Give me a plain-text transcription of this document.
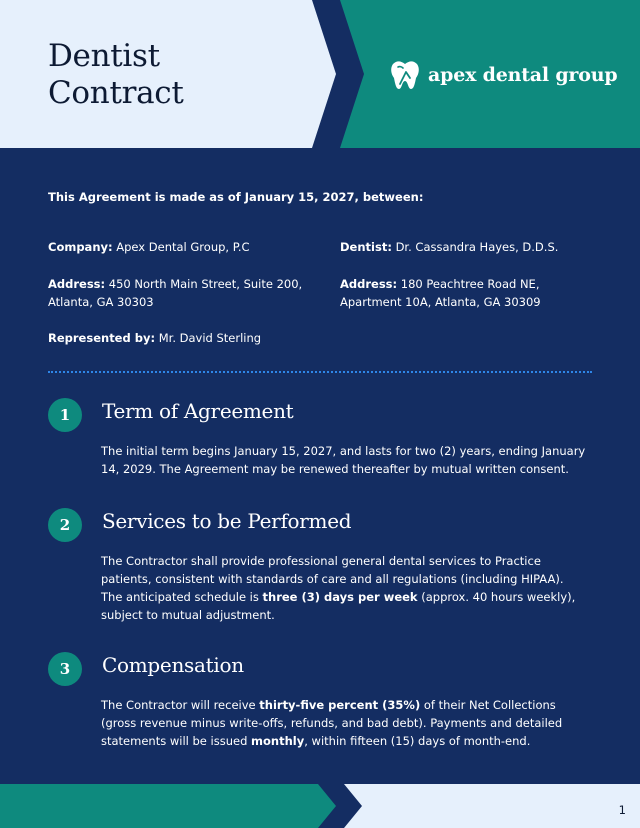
Dentist
Contract	apex dental group
This Agreement is made as of January 15, 2027, between:
Company: Apex Dental Group, P.C
Address: 450 North Main Street, Suite 200, Atlanta, GA 30303
Represented by: Mr. David Sterling
Dentist: Dr. Cassandra Hayes, D.D.S.
Address: 180 Peachtree Road NE, Apartment 10A, Atlanta, GA 30309
1	Term of Agreement
The initial term begins January 15, 2027, and lasts for two (2) years, ending January 14, 2029. The Agreement may be renewed thereafter by mutual written consent.
2	Services to be Performed
The Contractor shall provide professional general dental services to Practice patients, consistent with standards of care and all regulations (including HIPAA). The anticipated schedule is three (3) days per week (approx. 40 hours weekly), subject to mutual adjustment.
3	Compensation
The Contractor will receive thirty-five percent (35%) of their Net Collections (gross revenue minus write-offs, refunds, and bad debt). Payments and detailed statements will be issued monthly, within fifteen (15) days of month-end.
1
